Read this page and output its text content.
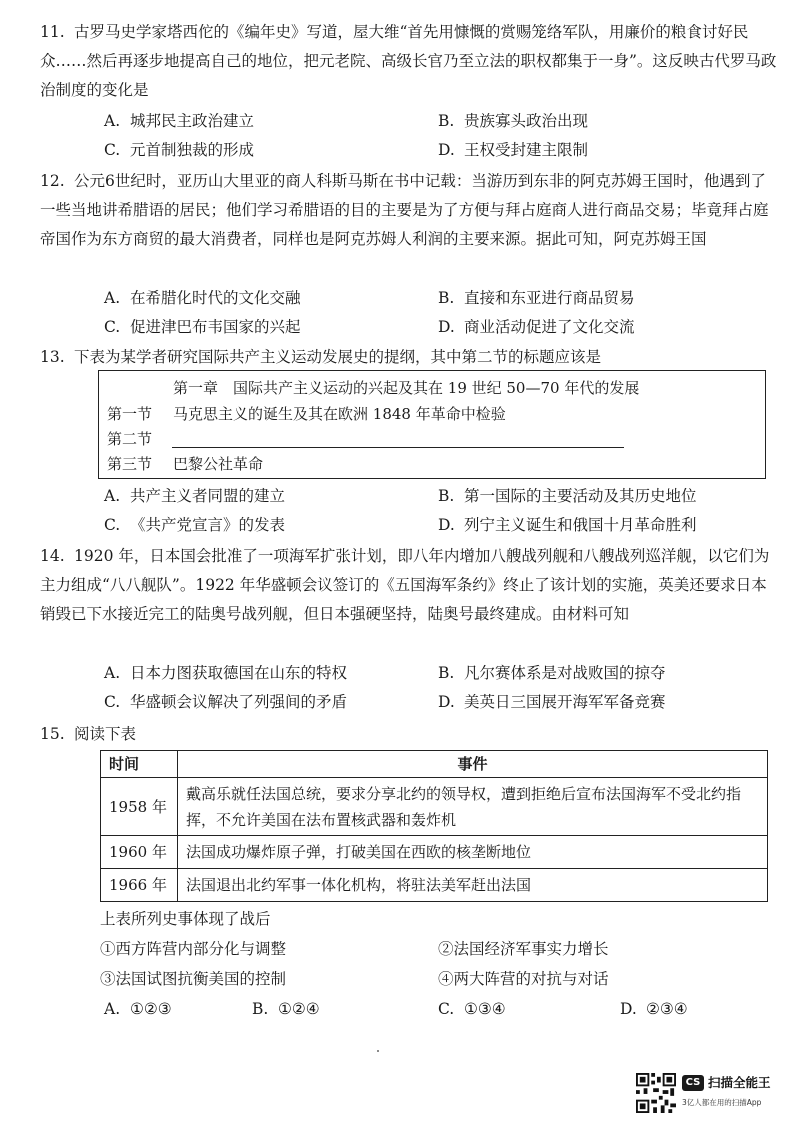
11. 古罗马史学家塔西佗的《编年史》写道，屋大维“首先用慷慨的赏赐笼络军队，用廉价的粮食讨好民众……然后再逐步地提高自己的地位，把元老院、高级长官乃至立法的职权都集于一身”。这反映古代罗马政治制度的变化是
A. 城邦民主政治建立	B. 贵族寡头政治出现
C. 元首制独裁的形成	D. 王权受封建主限制
12. 公元6世纪时，亚历山大里亚的商人科斯马斯在书中记载：当游历到东非的阿克苏姆王国时，他遇到了一些当地讲希腊语的居民；他们学习希腊语的目的主要是为了方便与拜占庭商人进行商品交易；毕竟拜占庭帝国作为东方商贸的最大消费者，同样也是阿克苏姆人利润的主要来源。据此可知，阿克苏姆王国
A. 在希腊化时代的文化交融	B. 直接和东亚进行商品贸易
C. 促进津巴布韦国家的兴起	D. 商业活动促进了文化交流
13. 下表为某学者研究国际共产主义运动发展史的提纲，其中第二节的标题应该是
第一章　国际共产主义运动的兴起及其在 19 世纪 50—70 年代的发展
第一节 马克思主义的诞生及其在欧洲 1848 年革命中检验
第二节
第三节 巴黎公社革命
A. 共产主义者同盟的建立	B. 第一国际的主要活动及其历史地位
C. 《共产党宣言》的发表	D. 列宁主义诞生和俄国十月革命胜利
14. 1920 年，日本国会批准了一项海军扩张计划，即八年内增加八艘战列舰和八艘战列巡洋舰，以它们为主力组成“八八舰队”。1922 年华盛顿会议签订的《五国海军条约》终止了该计划的实施，英美还要求日本销毁已下水接近完工的陆奥号战列舰，但日本强硬坚持，陆奥号最终建成。由材料可知
A. 日本力图获取德国在山东的特权	B. 凡尔赛体系是对战败国的掠夺
C. 华盛顿会议解决了列强间的矛盾	D. 美英日三国展开海军军备竞赛
15. 阅读下表
时间	事件
1958 年	戴高乐就任法国总统，要求分享北约的领导权，遭到拒绝后宣布法国海军不受北约指挥，不允许美国在法布置核武器和轰炸机
1960 年	法国成功爆炸原子弹，打破美国在西欧的核垄断地位
1966 年	法国退出北约军事一体化机构，将驻法美军赶出法国
上表所列史事体现了战后
①西方阵营内部分化与调整	②法国经济军事实力增长
③法国试图抗衡美国的控制	④两大阵营的对抗与对话
A. ①②③	B. ①②④	C. ①③④	D. ②③④
CS 扫描全能王
3亿人都在用的扫描App
